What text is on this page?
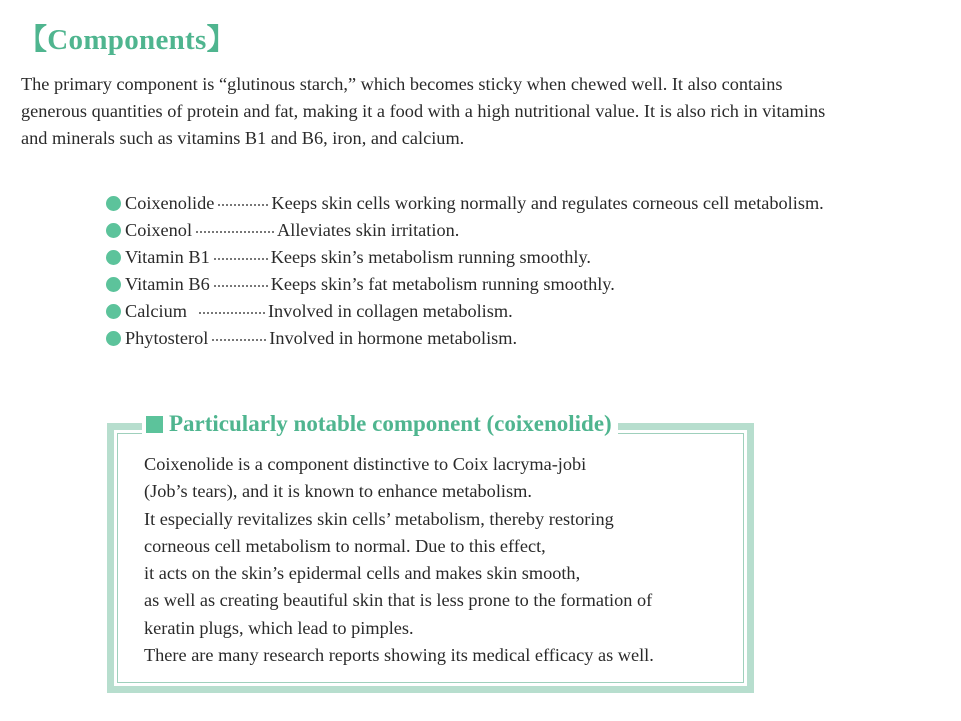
【Components】

The primary component is “glutinous starch,” which becomes sticky when chewed well. It also contains

generous quantities of protein and fat, making it a food with a high nutritional value. It is also rich in vitamins

and minerals such as vitamins B1 and B6, iron, and calcium.

Coixenolide	Keeps skin cells working normally and regulates corneous cell metabolism.
Coixenol	Alleviates skin irritation.
Vitamin B1	Keeps skin’s metabolism running smoothly.
Vitamin B6	Keeps skin’s fat metabolism running smoothly.
Calcium	Involved in collagen metabolism.
Phytosterol	Involved in hormone metabolism.
Particularly notable component (coixenolide)

Coixenolide is a component distinctive to Coix lacryma-jobi

(Job’s tears), and it is known to enhance metabolism.

It especially revitalizes skin cells’ metabolism, thereby restoring

corneous cell metabolism to normal. Due to this effect,

it acts on the skin’s epidermal cells and makes skin smooth,

as well as creating beautiful skin that is less prone to the formation of

keratin plugs, which lead to pimples.

There are many research reports showing its medical efficacy as well.
